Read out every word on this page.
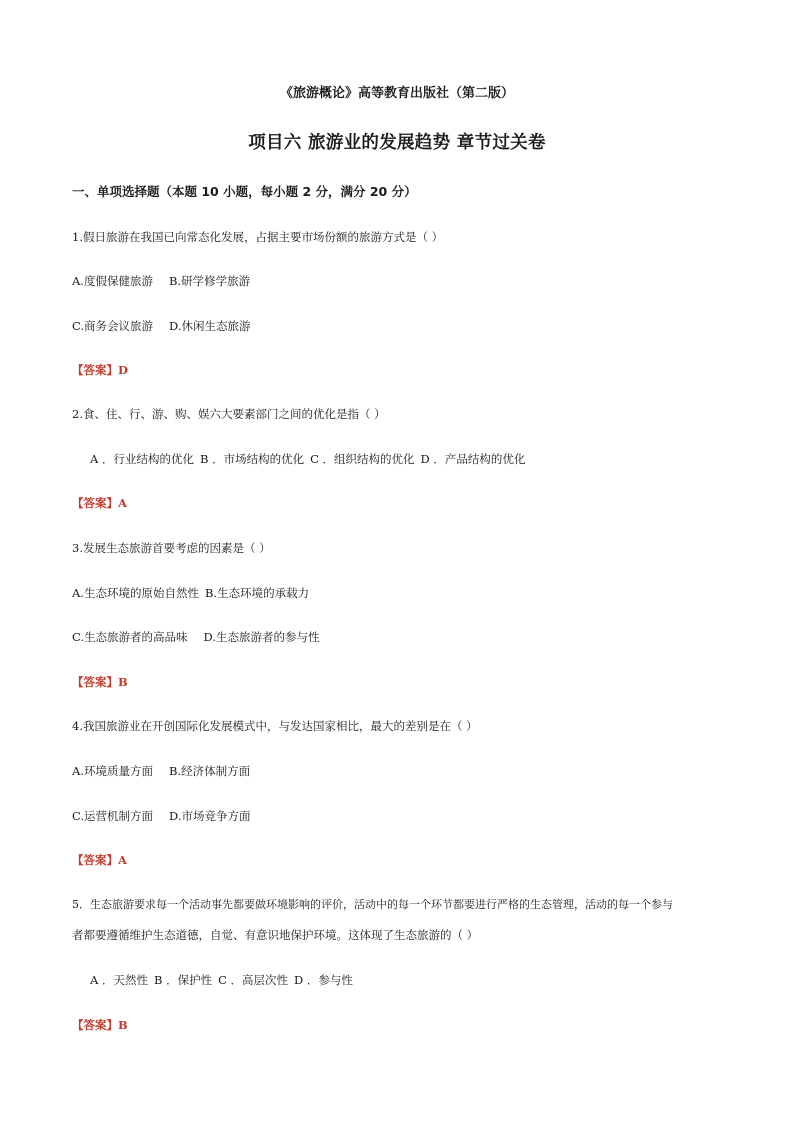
《旅游概论》高等教育出版社（第二版）
项目六 旅游业的发展趋势 章节过关卷
一、单项选择题（本题 10 小题，每小题 2 分，满分 20 分）
1.假日旅游在我国已向常态化发展，占据主要市场份额的旅游方式是（ ）
A.度假保健旅游 B.研学修学旅游
C.商务会议旅游 D.休闲生态旅游
【答案】D
2.食、住、行、游、购、娱六大要素部门之间的优化是指（ ）
A ．行业结构的优化 B ．市场结构的优化 C ．组织结构的优化 D ．产品结构的优化
【答案】A
3.发展生态旅游首要考虑的因素是（ ）
A.生态环境的原始自然性 B.生态环境的承载力
C.生态旅游者的高品味 D.生态旅游者的参与性
【答案】B
4.我国旅游业在开创国际化发展模式中，与发达国家相比，最大的差别是在（ ）
A.环境质量方面 B.经济体制方面
C.运营机制方面 D.市场竞争方面
【答案】A
5．生态旅游要求每一个活动事先都要做环境影响的评价，活动中的每一个环节都要进行严格的生态管理，活动的每一个参与
者都要遵循维护生态道德，自觉、有意识地保护环境。这体现了生态旅游的（ ）
A ．天然性 B ．保护性 C ．高层次性 D ．参与性
【答案】B
